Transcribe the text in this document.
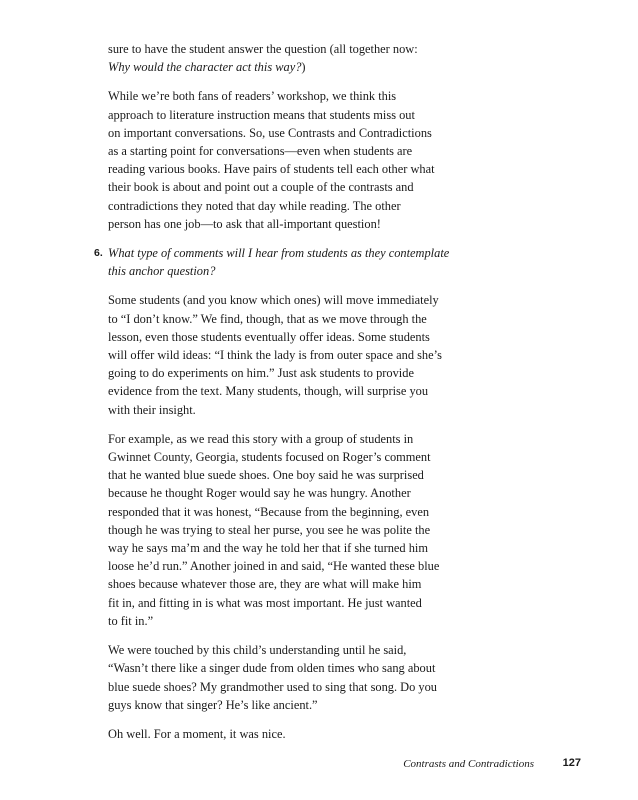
sure to have the student answer the question (all together now:
Why would the character act this way?)

While we’re both fans of readers’ workshop, we think this
approach to literature instruction means that students miss out
on important conversations. So, use Contrasts and Contradictions
as a starting point for conversations—even when students are
reading various books. Have pairs of students tell each other what
their book is about and point out a couple of the contrasts and
contradictions they noted that day while reading. The other
person has one job—to ask that all-important question!

6. What type of comments will I hear from students as they contemplate
this anchor question?

Some students (and you know which ones) will move immediately
to “I don’t know.” We find, though, that as we move through the
lesson, even those students eventually offer ideas. Some students
will offer wild ideas: “I think the lady is from outer space and she’s
going to do experiments on him.” Just ask students to provide
evidence from the text. Many students, though, will surprise you
with their insight.

For example, as we read this story with a group of students in
Gwinnet County, Georgia, students focused on Roger’s comment
that he wanted blue suede shoes. One boy said he was surprised
because he thought Roger would say he was hungry. Another
responded that it was honest, “Because from the beginning, even
though he was trying to steal her purse, you see he was polite the
way he says ma’m and the way he told her that if she turned him
loose he’d run.” Another joined in and said, “He wanted these blue
shoes because whatever those are, they are what will make him
fit in, and fitting in is what was most important. He just wanted
to fit in.”

We were touched by this child’s understanding until he said,
“Wasn’t there like a singer dude from olden times who sang about
blue suede shoes? My grandmother used to sing that song. Do you
guys know that singer? He’s like ancient.”

Oh well. For a moment, it was nice.

Contrasts and Contradictions	127
